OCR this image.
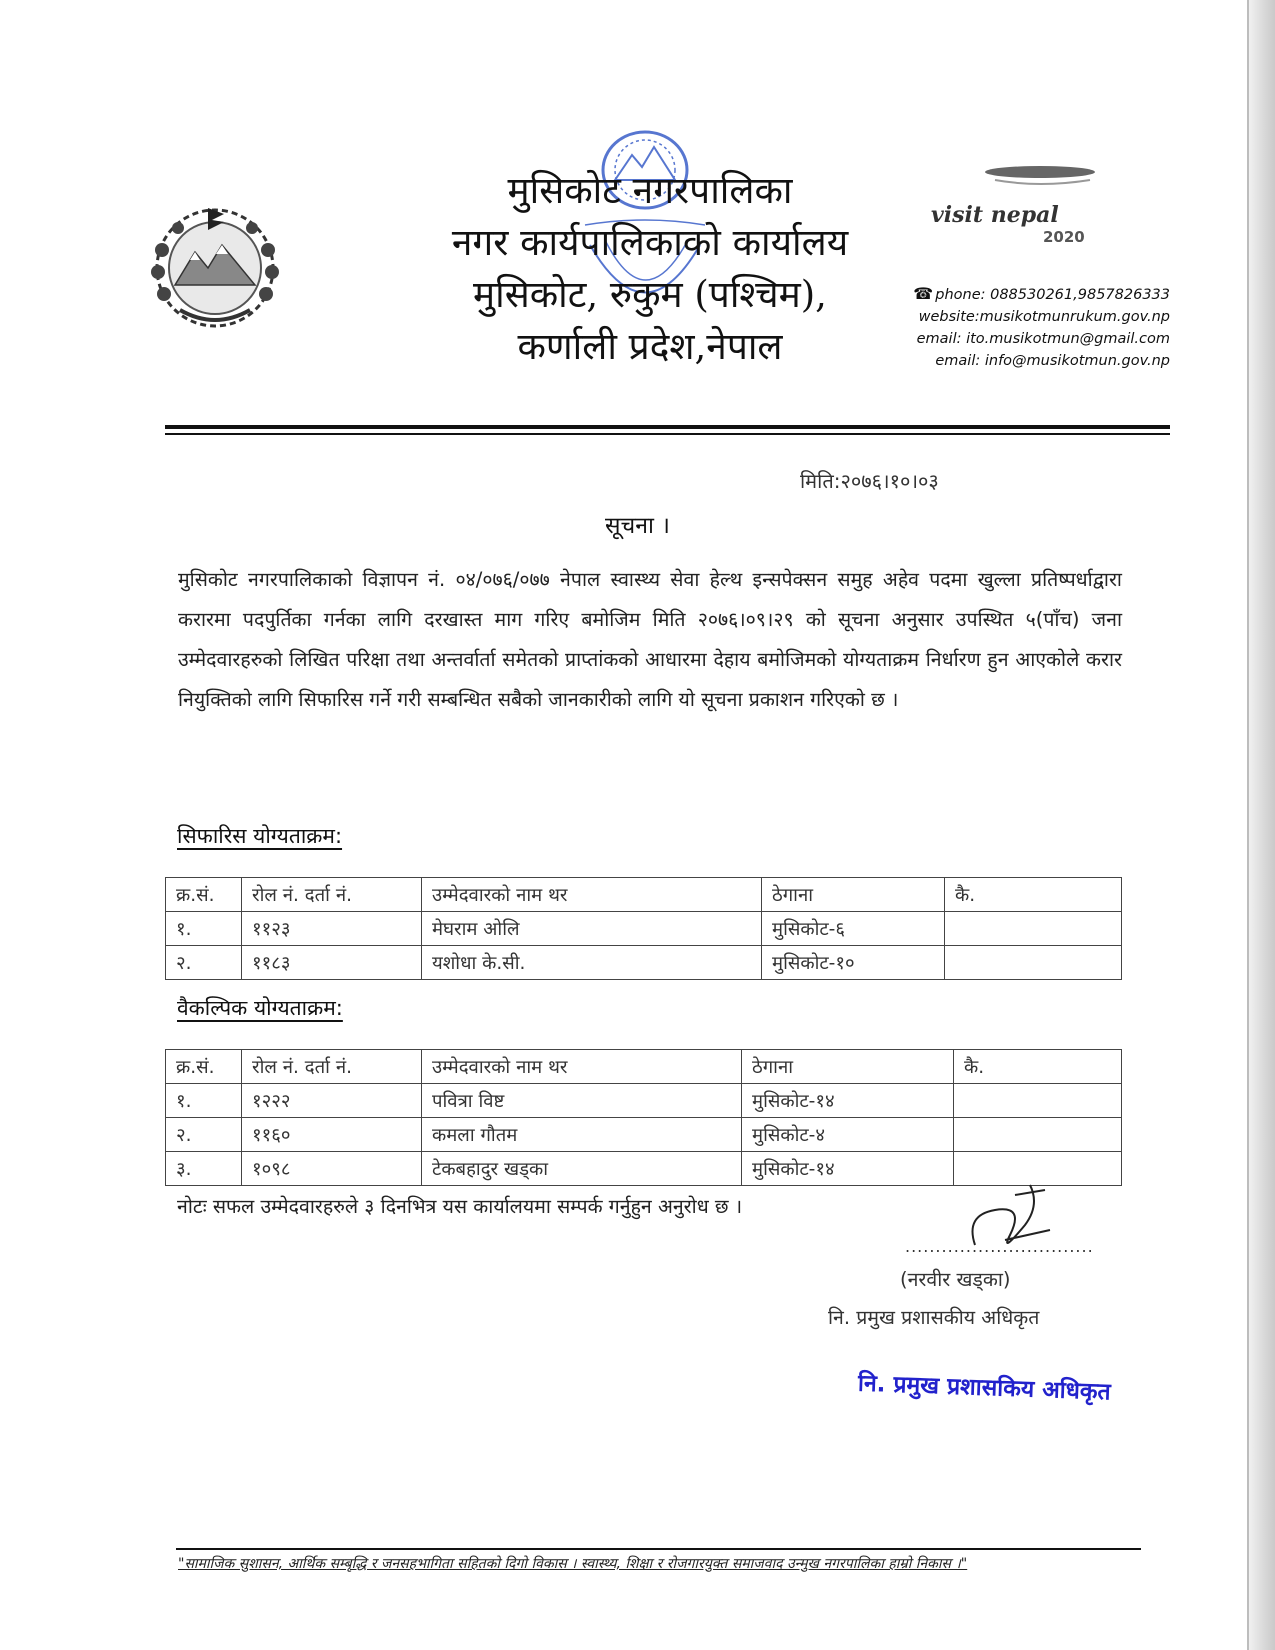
मुसिकोट नगरपालिका
नगर कार्यपालिकाको कार्यालय
मुसिकोट, रुकुम (पश्चिम),
कर्णाली प्रदेश,नेपाल
visit nepal
2020
☎ phone: 088530261,9857826333
website:musikotmunrukum.gov.np
email: ito.musikotmun@gmail.com
email: info@musikotmun.gov.np
मिति:२०७६।१०।०३
सूचना ।
मुसिकोट नगरपालिकाको विज्ञापन नं. ०४/०७६/०७७ नेपाल स्वास्थ्य सेवा हेल्थ इन्सपेक्सन समुह अहेव पदमा खुल्ला प्रतिष्पर्धाद्वारा करारमा पदपुर्तिका गर्नका लागि दरखास्त माग गरिए बमोजिम मिति २०७६।०९।२९ को सूचना अनुसार उपस्थित ५(पाँच) जना उम्मेदवारहरुको लिखित परिक्षा तथा अन्तर्वार्ता समेतको प्राप्तांकको आधारमा देहाय बमोजिमको योग्यताक्रम निर्धारण हुन आएकोले करार नियुक्तिको लागि सिफारिस गर्ने गरी सम्बन्धित सबैको जानकारीको लागि यो सूचना प्रकाशन गरिएको छ ।
सिफारिस योग्यताक्रम:
क्र.सं.	रोल नं. दर्ता नं.	उम्मेदवारको नाम थर	ठेगाना	कै.
१.	११२३	मेघराम ओलि	मुसिकोट-६	
२.	११८३	यशोधा के.सी.	मुसिकोट-१०	
वैकल्पिक योग्यताक्रम:
क्र.सं.	रोल नं. दर्ता नं.	उम्मेदवारको नाम थर	ठेगाना	कै.
१.	१२२२	पवित्रा विष्ट	मुसिकोट-१४	
२.	११६०	कमला गौतम	मुसिकोट-४	
३.	१०९८	टेकबहादुर खड्का	मुसिकोट-१४	
नोटः सफल उम्मेदवारहरुले ३ दिनभित्र यस कार्यालयमा सम्पर्क गर्नुहुन अनुरोध छ ।
...............................
(नरवीर खड्का)
नि. प्रमुख प्रशासकीय अधिकृत
नि. प्रमुख प्रशासकिय अधिकृत
"सामाजिक सुशासन, आर्थिक सम्बृद्धि र जनसहभागिता सहितको दिगो विकास । स्वास्थ्य, शिक्षा र रोजगारयुक्त समाजवाद उन्मुख नगरपालिका हाम्रो निकास ।"
